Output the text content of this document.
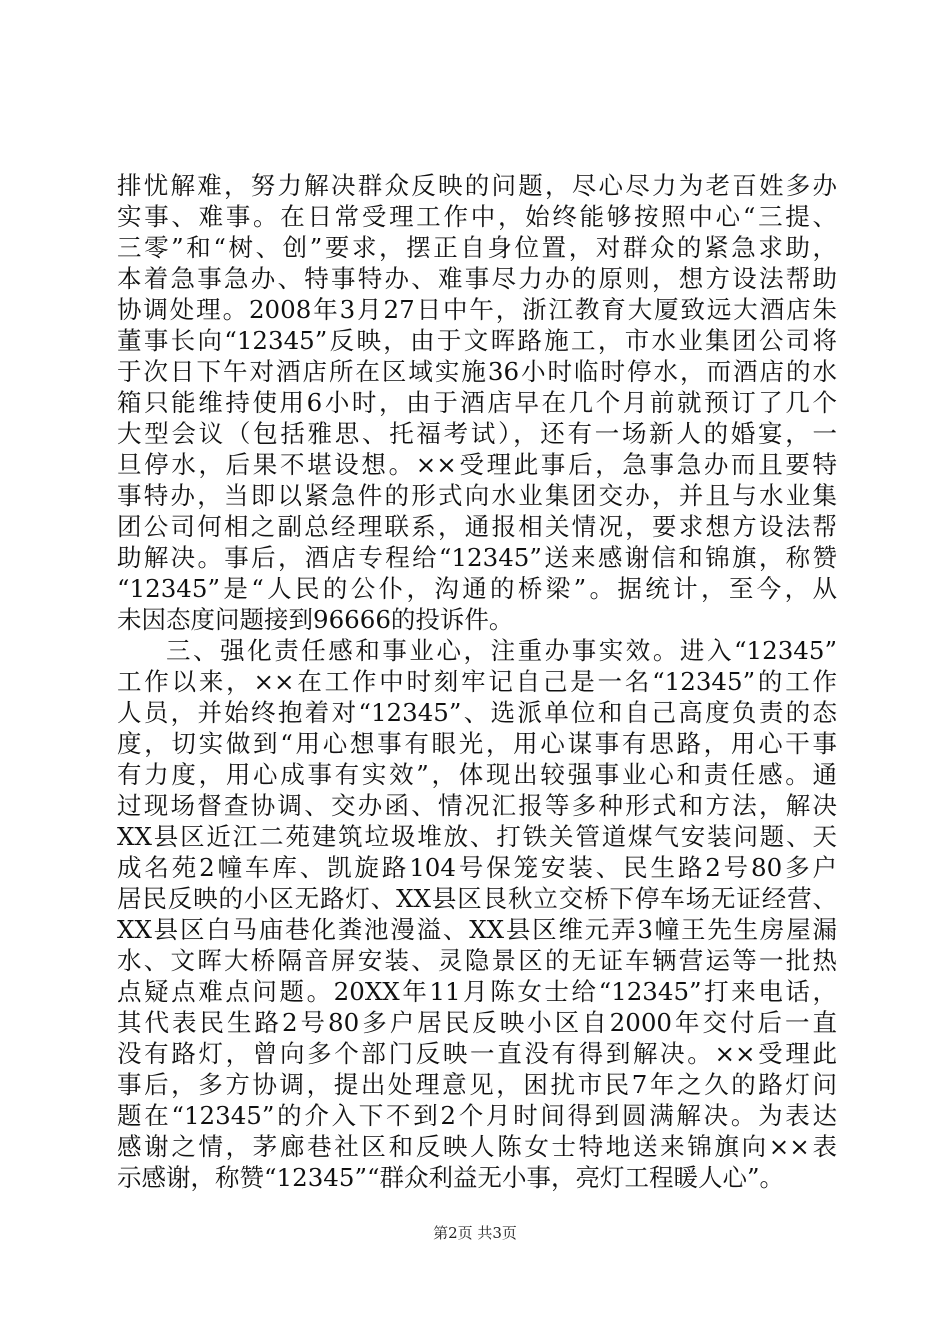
排忧解难，努力解决群众反映的问题，尽心尽力为老百姓多办
实事、难事。在日常受理工作中，始终能够按照中心“三提、
三零”和“树、创”要求，摆正自身位置，对群众的紧急求助，
本着急事急办、特事特办、难事尽力办的原则，想方设法帮助
协调处理。2008年3月27日中午，浙江教育大厦致远大酒店朱
董事长向“12345”反映，由于文晖路施工，市水业集团公司将
于次日下午对酒店所在区域实施36小时临时停水，而酒店的水
箱只能维持使用6小时，由于酒店早在几个月前就预订了几个
大型会议（包括雅思、托福考试），还有一场新人的婚宴，一
旦停水，后果不堪设想。××受理此事后，急事急办而且要特
事特办，当即以紧急件的形式向水业集团交办，并且与水业集
团公司何相之副总经理联系，通报相关情况，要求想方设法帮
助解决。事后，酒店专程给“12345”送来感谢信和锦旗，称赞
“12345”是“人民的公仆，沟通的桥梁”。据统计，至今，从
未因态度问题接到96666的投诉件。
三、强化责任感和事业心，注重办事实效。进入“12345”
工作以来，××在工作中时刻牢记自己是一名“12345”的工作
人员，并始终抱着对“12345”、选派单位和自己高度负责的态
度，切实做到“用心想事有眼光，用心谋事有思路，用心干事
有力度，用心成事有实效”，体现出较强事业心和责任感。通
过现场督查协调、交办函、情况汇报等多种形式和方法，解决
XX县区近江二苑建筑垃圾堆放、打铁关管道煤气安装问题、天
成名苑2幢车库、凯旋路104号保笼安装、民生路2号80多户
居民反映的小区无路灯、XX县区艮秋立交桥下停车场无证经营、
XX县区白马庙巷化粪池漫溢、XX县区维元弄3幢王先生房屋漏
水、文晖大桥隔音屏安装、灵隐景区的无证车辆营运等一批热
点疑点难点问题。20XX年11月陈女士给“12345”打来电话，
其代表民生路2号80多户居民反映小区自2000年交付后一直
没有路灯，曾向多个部门反映一直没有得到解决。××受理此
事后，多方协调，提出处理意见，困扰市民7年之久的路灯问
题在“12345”的介入下不到2个月时间得到圆满解决。为表达
感谢之情，茅廊巷社区和反映人陈女士特地送来锦旗向××表
示感谢，称赞“12345”“群众利益无小事，亮灯工程暖人心”。
第2页 共3页
